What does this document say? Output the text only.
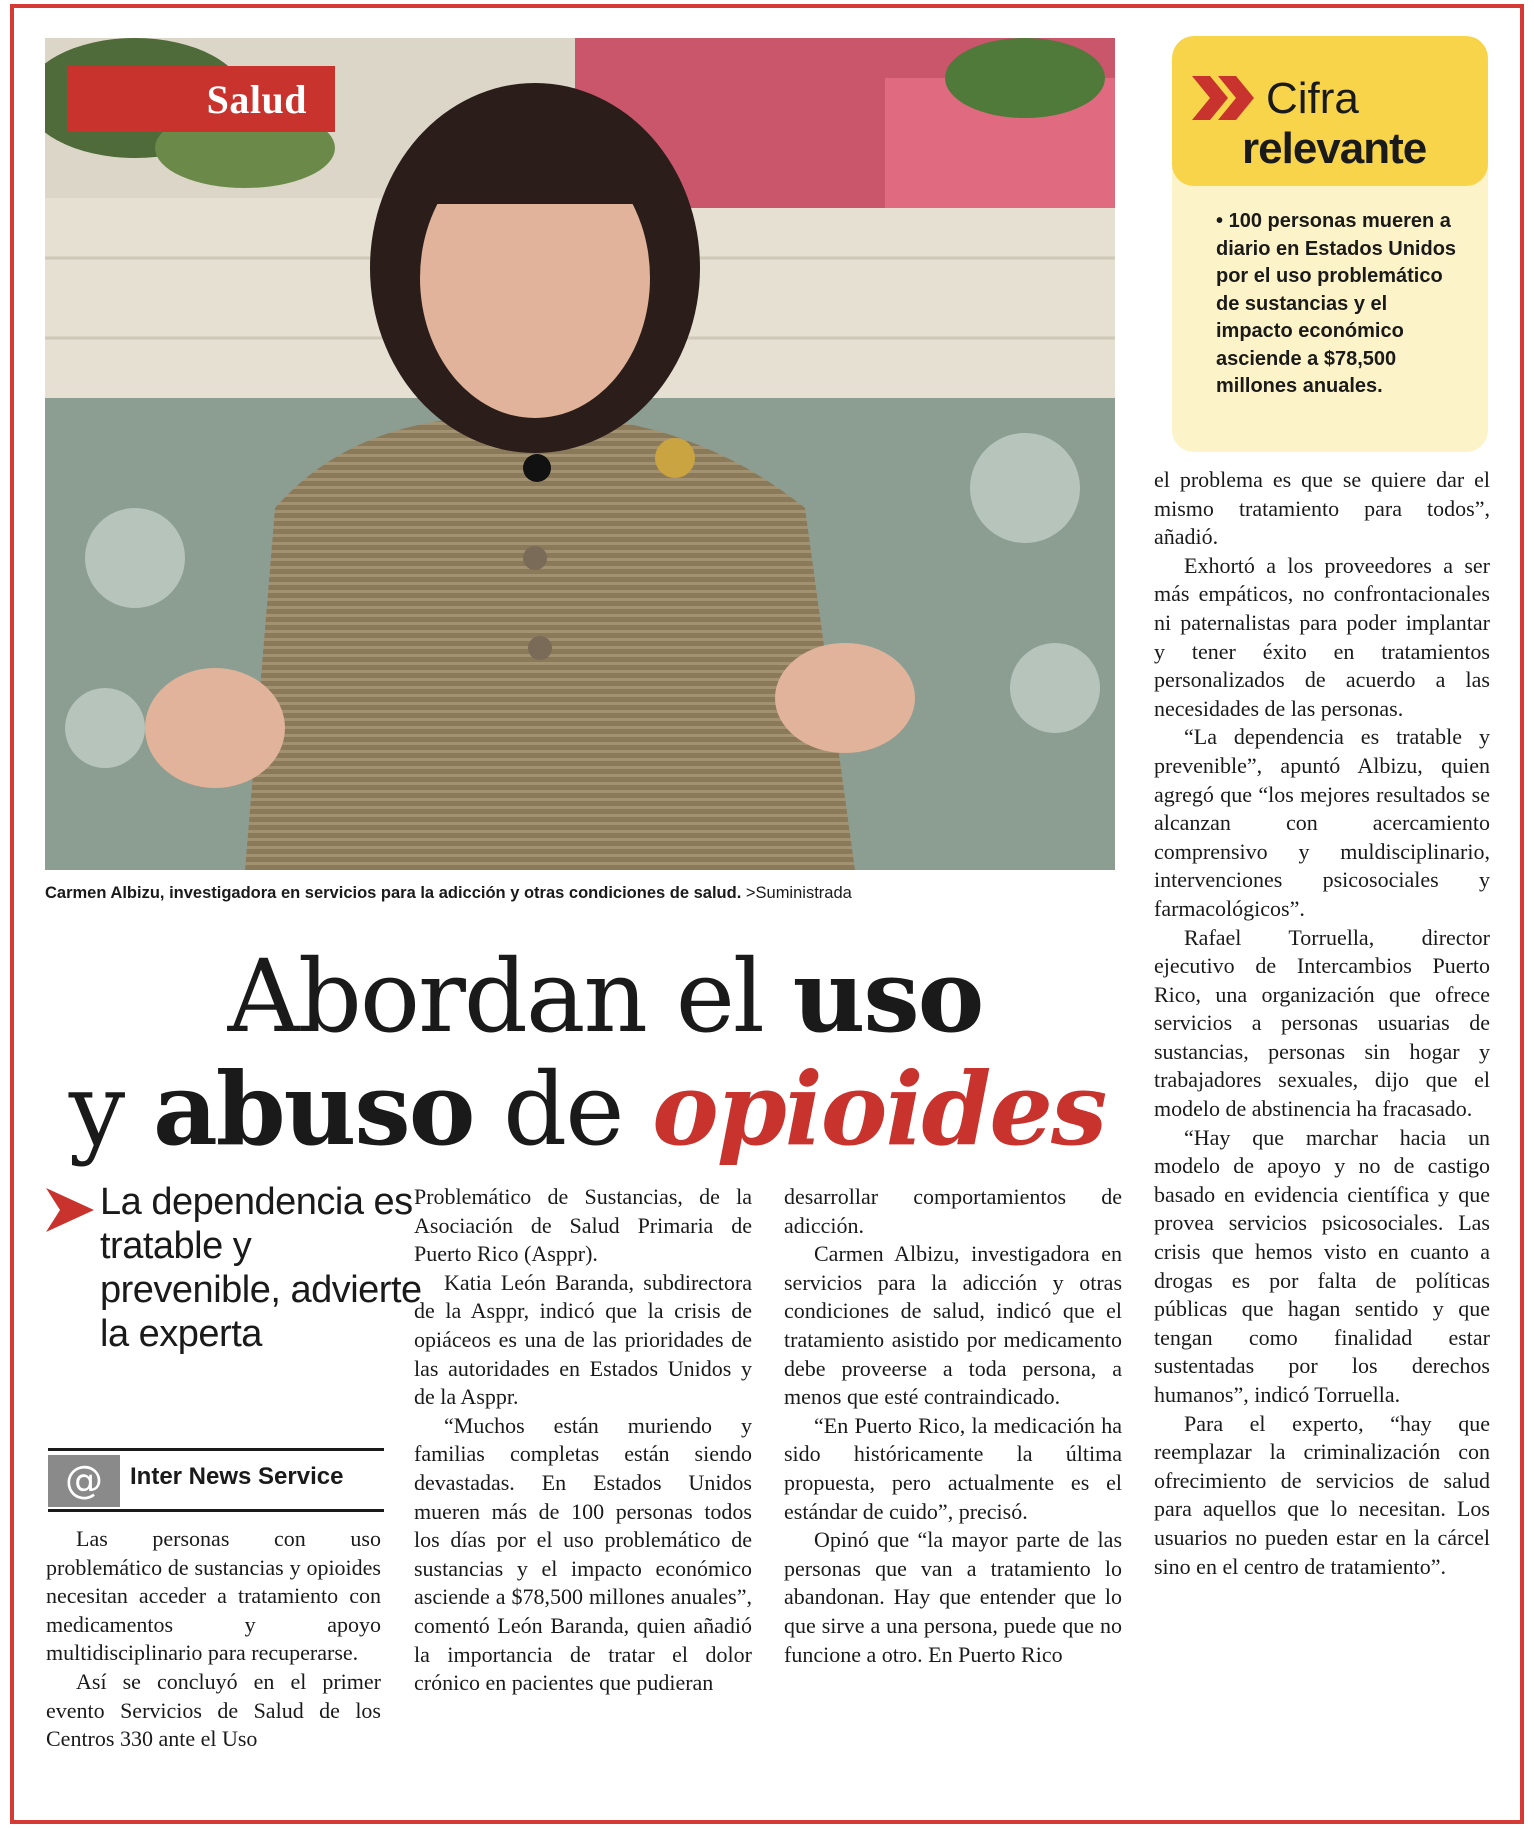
Salud
Carmen Albizu, investigadora en servicios para la adicción y otras condiciones de salud. >Suministrada
Abordan el uso
y abuso de opioides
Cifra
relevante
• 100 personas mueren a diario en Estados Unidos por el uso problemático de sustancias y el impacto económico asciende a $78,500 millones anuales.
La dependencia es tratable y prevenible, advierte la experta
@	Inter News Service

Las personas con uso problemático de sustancias y opioides necesitan acceder a tratamiento con medicamentos y apoyo multidisciplinario para recuperarse.

Así se concluyó en el primer evento Servicios de Salud de los Centros 330 ante el Uso

Problemático de Sustancias, de la Asociación de Salud Primaria de Puerto Rico (Asppr).

Katia León Baranda, subdirectora de la Asppr, indicó que la crisis de opiáceos es una de las prioridades de las autoridades en Estados Unidos y de la Asppr.

“Muchos están muriendo y familias completas están siendo devastadas. En Estados Unidos mueren más de 100 personas todos los días por el uso problemático de sustancias y el impacto económico asciende a $78,500 millones anuales”, comentó León Baranda, quien añadió la importancia de tratar el dolor crónico en pacientes que pudieran

desarrollar comportamientos de adicción.

Carmen Albizu, investigadora en servicios para la adicción y otras condiciones de salud, indicó que el tratamiento asistido por medicamento debe proveerse a toda persona, a menos que esté contraindicado.

“En Puerto Rico, la medicación ha sido históricamente la última propuesta, pero actualmente es el estándar de cuido”, precisó.

Opinó que “la mayor parte de las personas que van a tratamiento lo abandonan. Hay que entender que lo que sirve a una persona, puede que no funcione a otro. En Puerto Rico

el problema es que se quiere dar el mismo tratamiento para todos”, añadió.

Exhortó a los proveedores a ser más empáticos, no confrontacionales ni paternalistas para poder implantar y tener éxito en tratamientos personalizados de acuerdo a las necesidades de las personas.

“La dependencia es tratable y prevenible”, apuntó Albizu, quien agregó que “los mejores resultados se alcanzan con acercamiento comprensivo y muldisciplinario, intervenciones psicosociales y farmacológicos”.

Rafael Torruella, director ejecutivo de Intercambios Puerto Rico, una organización que ofrece servicios a personas usuarias de sustancias, personas sin hogar y trabajadores sexuales, dijo que el modelo de abstinencia ha fracasado.

“Hay que marchar hacia un modelo de apoyo y no de castigo basado en evidencia científica y que provea servicios psicosociales. Las crisis que hemos visto en cuanto a drogas es por falta de políticas públicas que hagan sentido y que tengan como finalidad estar sustentadas por los derechos humanos”, indicó Torruella.

Para el experto, “hay que reemplazar la criminalización con ofrecimiento de servicios de salud para aquellos que lo necesitan. Los usuarios no pueden estar en la cárcel sino en el centro de tratamiento”.
